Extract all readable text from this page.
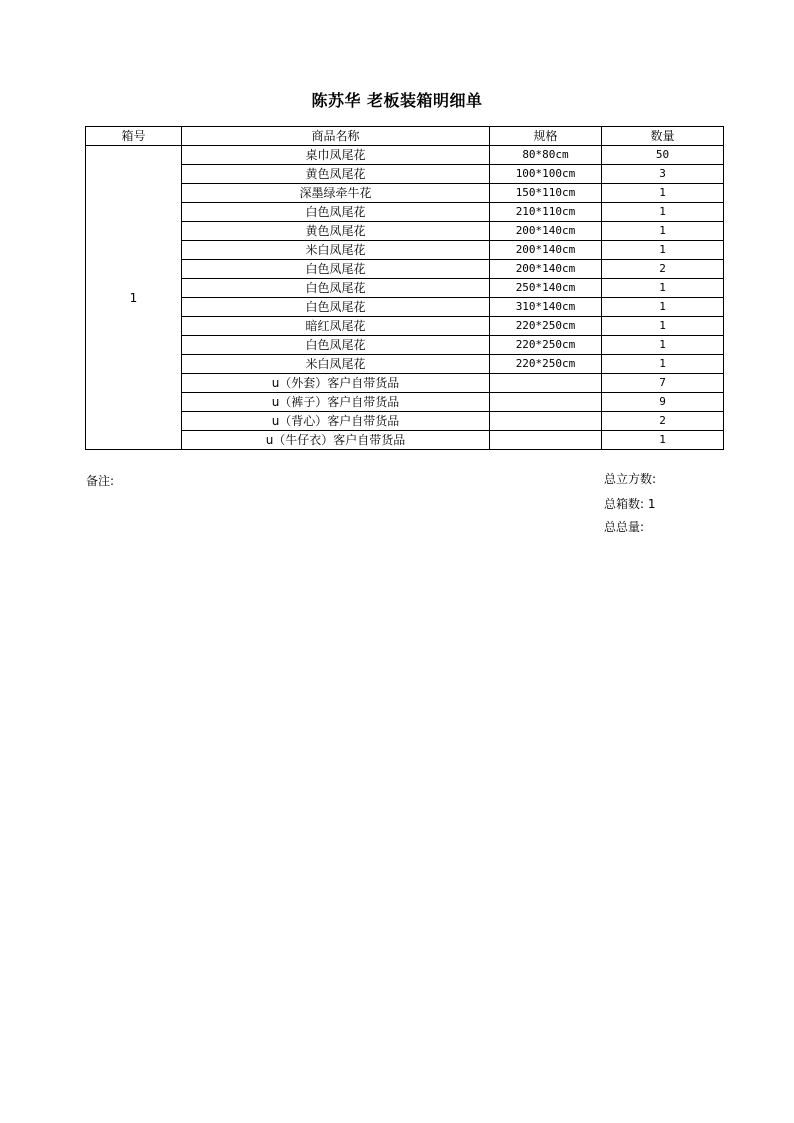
陈苏华 老板装箱明细单
箱号	商品名称	规格	数量
1	桌巾凤尾花	80*80cm	50
	黄色凤尾花	100*100cm	3
	深墨绿牵牛花	150*110cm	1
	白色凤尾花	210*110cm	1
	黄色凤尾花	200*140cm	1
	米白凤尾花	200*140cm	1
	白色凤尾花	200*140cm	2
	白色凤尾花	250*140cm	1
	白色凤尾花	310*140cm	1
	暗红凤尾花	220*250cm	1
	白色凤尾花	220*250cm	1
	米白凤尾花	220*250cm	1
	u（外套）客户自带货品		7
	u（裤子）客户自带货品		9
	u（背心）客户自带货品		2
	u（牛仔衣）客户自带货品		1
备注:	总立方数:
总箱数: 1
总总量:
